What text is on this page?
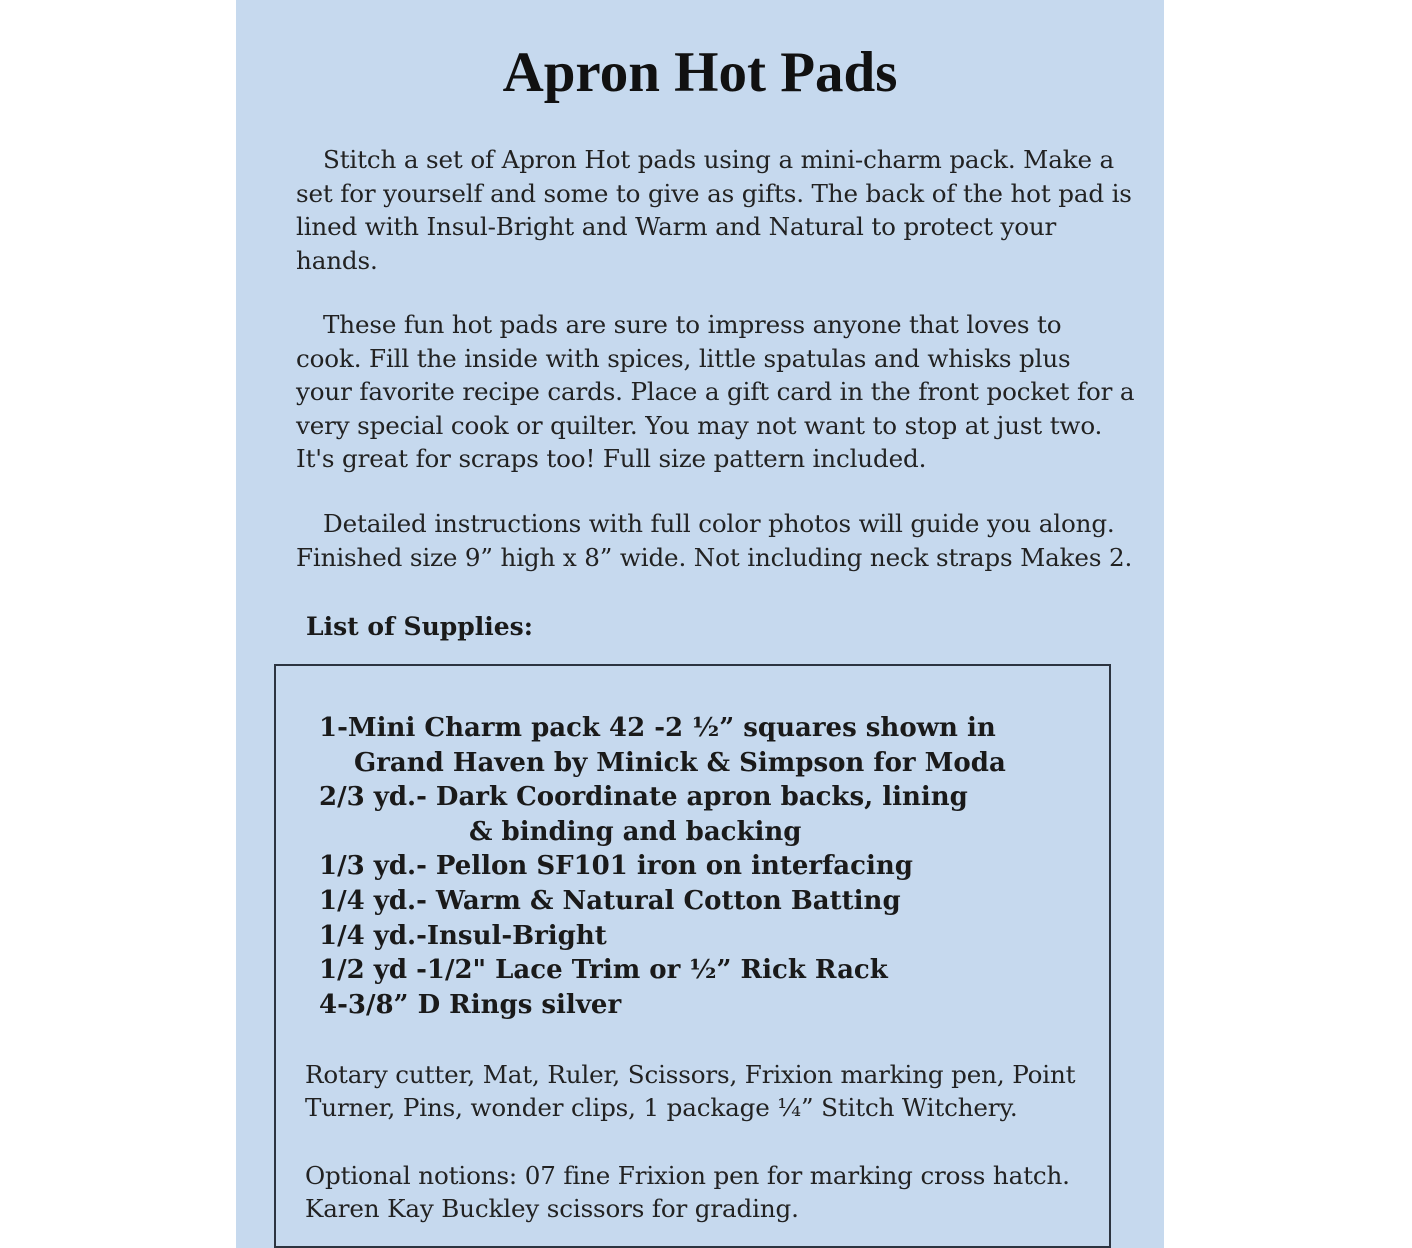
Apron Hot Pads

Stitch a set of Apron Hot pads using a mini-charm pack. Make a
set for yourself and some to give as gifts. The back of the hot pad is
lined with Insul-Bright and Warm and Natural to protect your
hands.

These fun hot pads are sure to impress anyone that loves to
cook. Fill the inside with spices, little spatulas and whisks plus
your favorite recipe cards. Place a gift card in the front pocket for a
very special cook or quilter. You may not want to stop at just two.
It's great for scraps too! Full size pattern included.

Detailed instructions with full color photos will guide you along.
Finished size 9” high x 8” wide. Not including neck straps Makes 2.

List of Supplies:
1-Mini Charm pack 42 -2 ½” squares shown in
Grand Haven by Minick & Simpson for Moda
2/3 yd.- Dark Coordinate apron backs, lining
& binding and backing
1/3 yd.- Pellon SF101 iron on interfacing
1/4 yd.- Warm & Natural Cotton Batting
1/4 yd.-Insul-Bright
1/2 yd -1/2" Lace Trim or ½” Rick Rack
4-3/8” D Rings silver

Rotary cutter, Mat, Ruler, Scissors, Frixion marking pen, Point
Turner, Pins, wonder clips, 1 package ¼” Stitch Witchery.

Optional notions: 07 fine Frixion pen for marking cross hatch.
Karen Kay Buckley scissors for grading.
